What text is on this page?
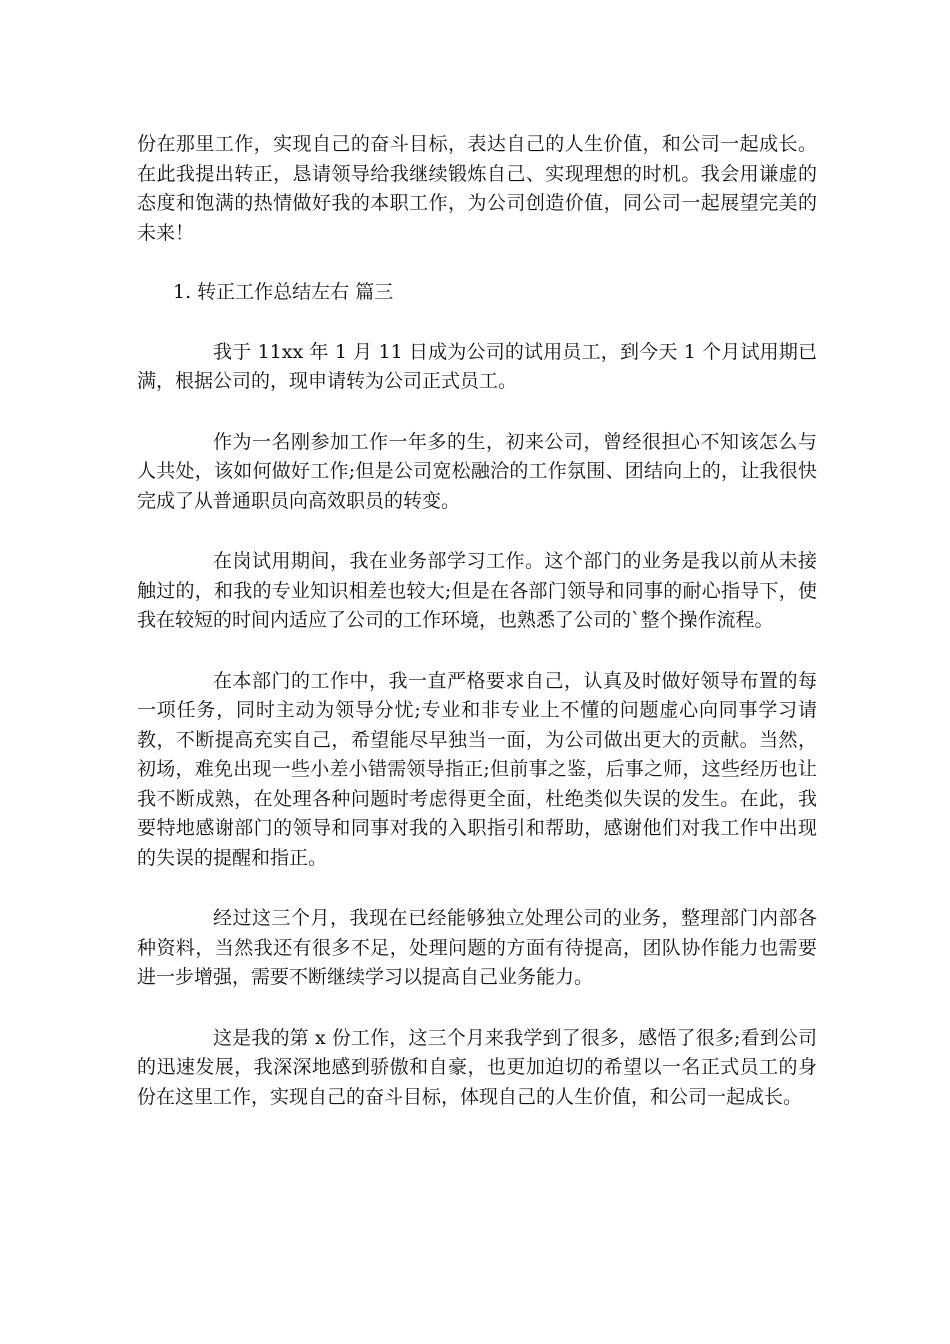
份在那里工作，实现自己的奋斗目标，表达自己的人生价值，和公司一起成长。在此我提出转正，恳请领导给我继续锻炼自己、实现理想的时机。我会用谦虚的态度和饱满的热情做好我的本职工作，为公司创造价值，同公司一起展望完美的未来！

1. 转正工作总结左右 篇三

我于 11xx 年 1 月 11 日成为公司的试用员工，到今天 1 个月试用期已满，根据公司的，现申请转为公司正式员工。

作为一名刚参加工作一年多的生，初来公司，曾经很担心不知该怎么与人共处，该如何做好工作;但是公司宽松融洽的工作氛围、团结向上的，让我很快完成了从普通职员向高效职员的转变。

在岗试用期间，我在业务部学习工作。这个部门的业务是我以前从未接触过的，和我的专业知识相差也较大;但是在各部门领导和同事的耐心指导下，使我在较短的时间内适应了公司的工作环境，也熟悉了公司的`整个操作流程。

在本部门的工作中，我一直严格要求自己，认真及时做好领导布置的每一项任务，同时主动为领导分忧;专业和非专业上不懂的问题虚心向同事学习请教，不断提高充实自己，希望能尽早独当一面，为公司做出更大的贡献。当然，初场，难免出现一些小差小错需领导指正;但前事之鉴，后事之师，这些经历也让我不断成熟，在处理各种问题时考虑得更全面，杜绝类似失误的发生。在此，我要特地感谢部门的领导和同事对我的入职指引和帮助，感谢他们对我工作中出现的失误的提醒和指正。

经过这三个月，我现在已经能够独立处理公司的业务，整理部门内部各种资料，当然我还有很多不足，处理问题的方面有待提高，团队协作能力也需要进一步增强，需要不断继续学习以提高自己业务能力。

这是我的第 x 份工作，这三个月来我学到了很多，感悟了很多;看到公司的迅速发展，我深深地感到骄傲和自豪，也更加迫切的希望以一名正式员工的身份在这里工作，实现自己的奋斗目标，体现自己的人生价值，和公司一起成长。
